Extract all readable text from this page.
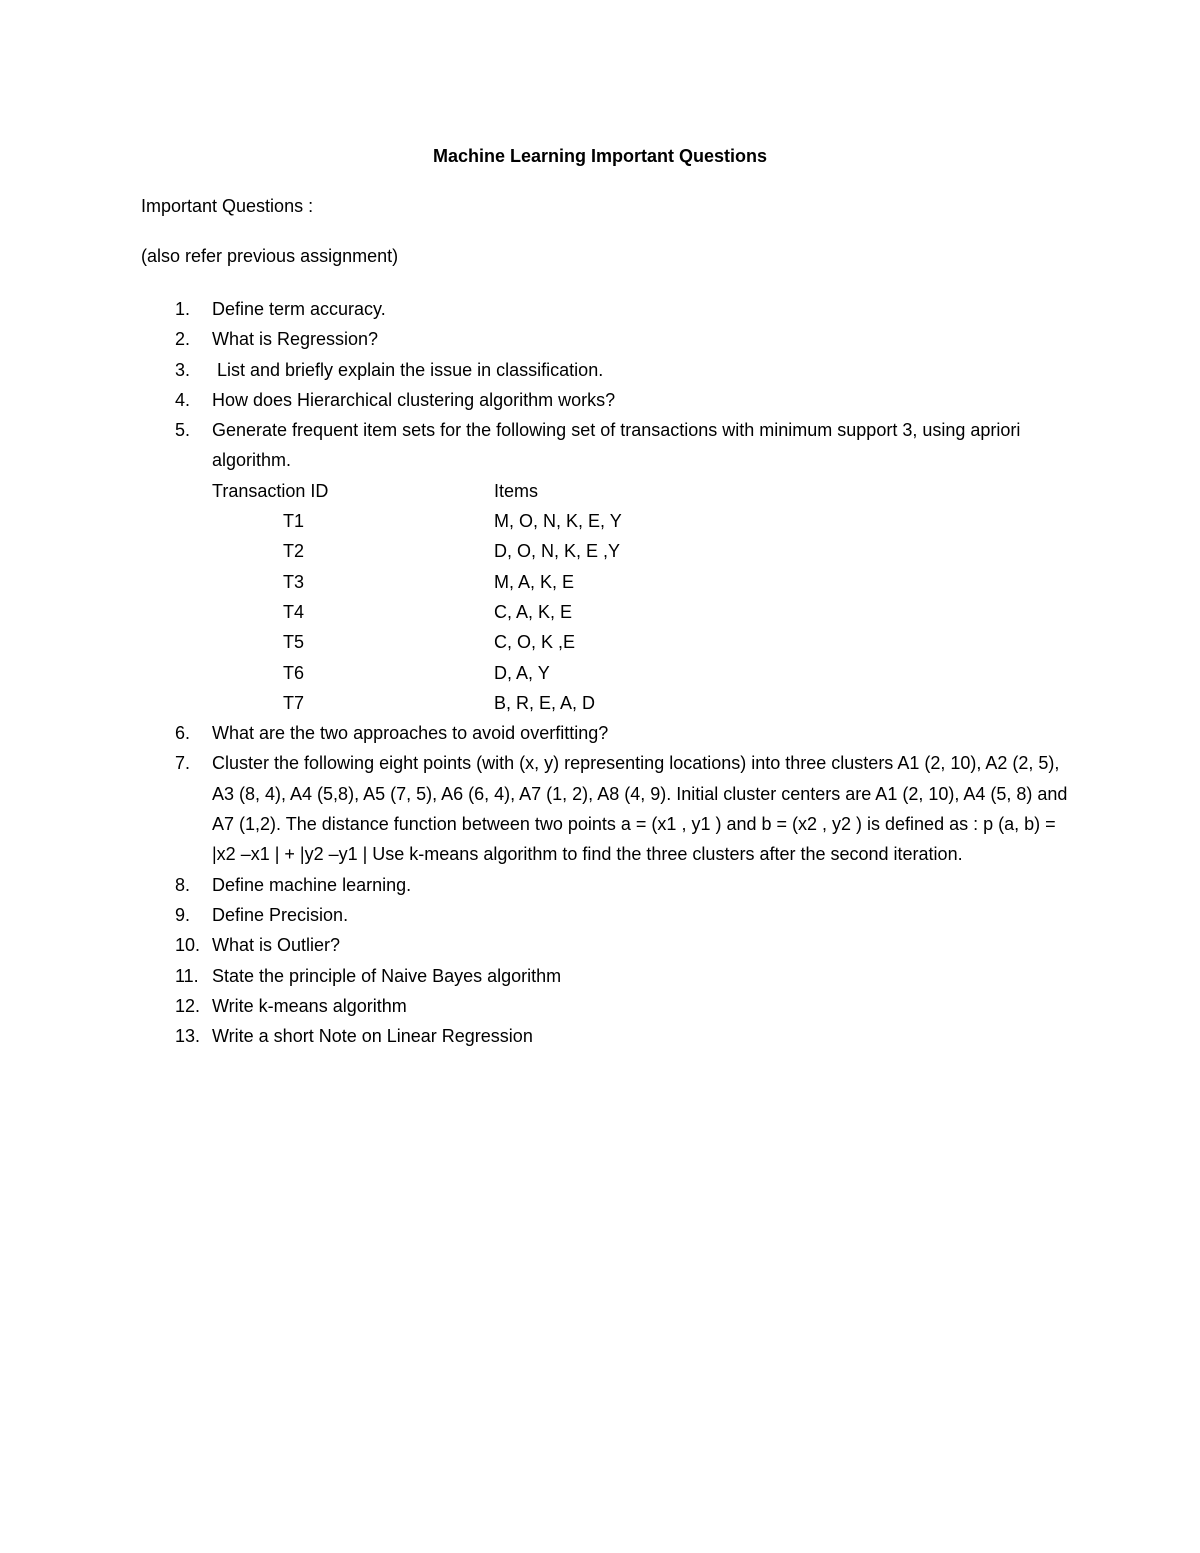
Machine Learning Important Questions
Important Questions :
(also refer previous assignment)
1. Define term accuracy.
2. What is Regression?
3. List and briefly explain the issue in classification.
4. How does Hierarchical clustering algorithm works?
5. Generate frequent item sets for the following set of transactions with minimum support 3, using apriori algorithm.
Transaction ID	Items
T1	M, O, N, K, E, Y
T2	D, O, N, K, E ,Y
T3	M, A, K, E
T4	C, A, K, E
T5	C, O, K ,E
T6	D, A, Y
T7	B, R, E, A, D
6. What are the two approaches to avoid overfitting?
7. Cluster the following eight points (with (x, y) representing locations) into three clusters A1 (2, 10), A2 (2, 5), A3 (8, 4), A4 (5,8), A5 (7, 5), A6 (6, 4), A7 (1, 2), A8 (4, 9). Initial cluster centers are A1 (2, 10), A4 (5, 8) and A7 (1,2). The distance function between two points a = (x1 , y1 ) and b = (x2 , y2 ) is defined as : p (a, b) = |x2 –x1 | + |y2 –y1 | Use k-means algorithm to find the three clusters after the second iteration.
8. Define machine learning.
9. Define Precision.
10. What is Outlier?
11. State the principle of Naive Bayes algorithm
12. Write k-means algorithm
13. Write a short Note on Linear Regression
